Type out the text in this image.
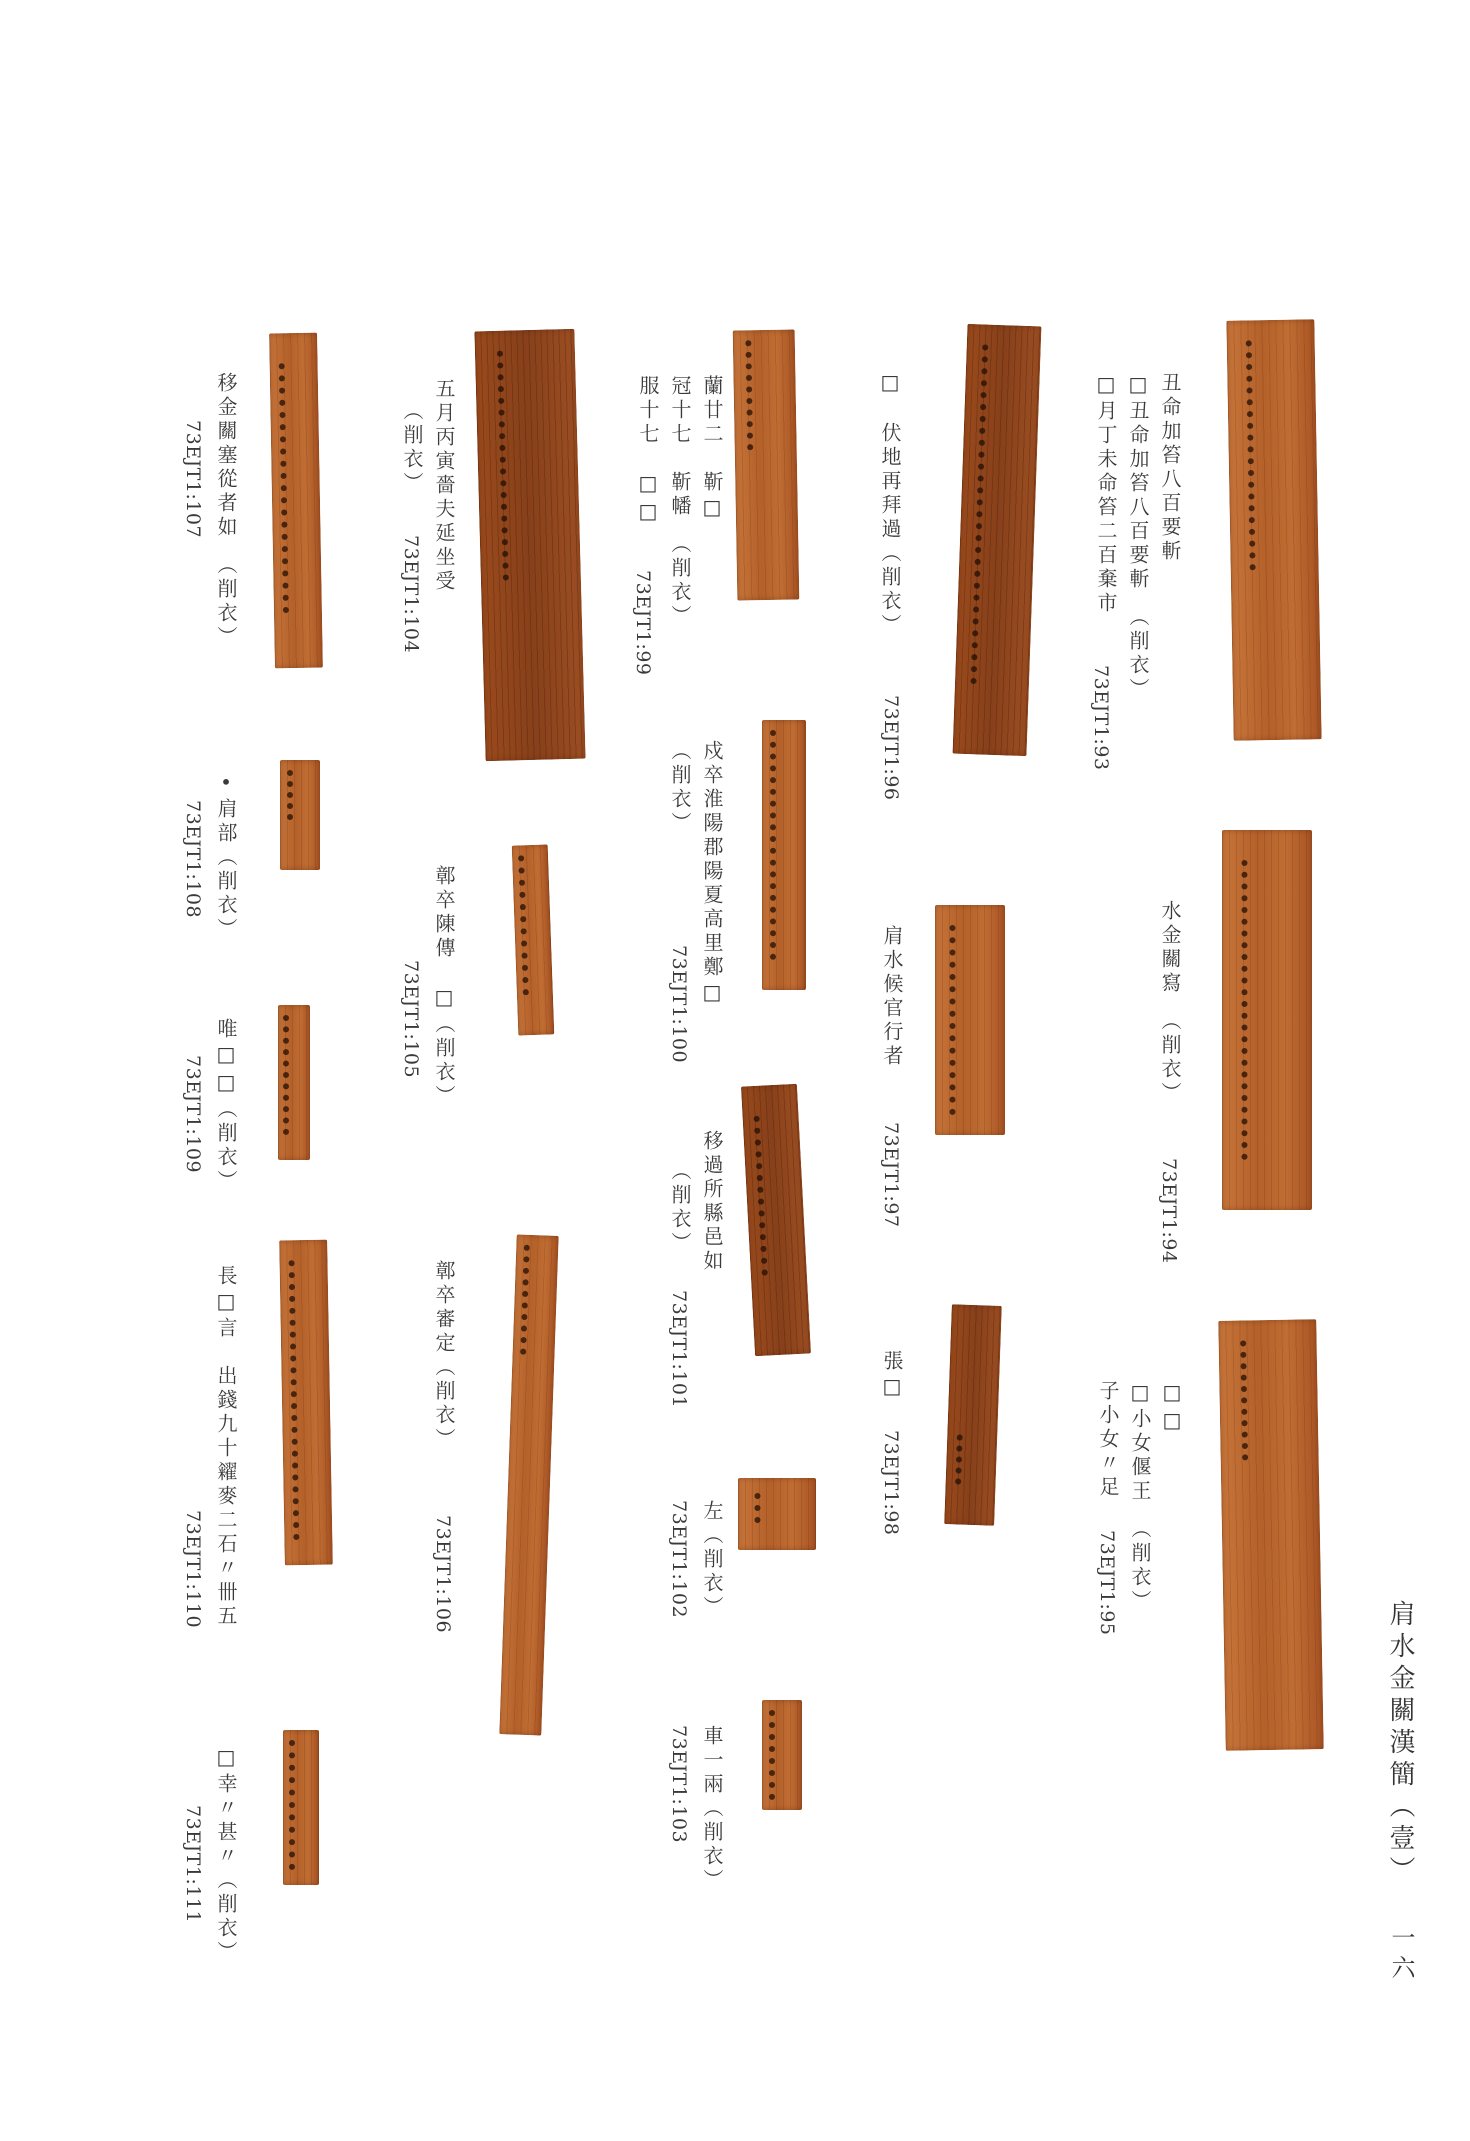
肩水金關漢簡（壹）
一六
丑命加笞八百要斬
□丑命加笞八百要斬　（削衣）
□月丁未命笞二百棄市
73EJT1:93
水金關寫　（削衣）
73EJT1:94
□□
□小女偃王　（削衣）
子小女〃足
73EJT1:95
□　伏地再拜過（削衣）
73EJT1:96
肩水候官行者
73EJT1:97
張□
73EJT1:98
蘭廿二　靳□
冠十七　靳幡　（削衣）
服十七　□□
73EJT1:99
戍卒淮陽郡陽夏高里鄭□
（削衣）
73EJT1:100
移過所縣邑如
（削衣）
73EJT1:101
左（削衣）
73EJT1:102
車一兩（削衣）
73EJT1:103
五月丙寅嗇夫延坐受
（削衣）
73EJT1:104
鄣卒陳傳　□（削衣）
73EJT1:105
鄣卒審定（削衣）
73EJT1:106
移金關塞從者如　（削衣）
73EJT1:107
•肩部（削衣）
73EJT1:108
唯□□（削衣）
73EJT1:109
長□言　出錢九十糴麥二石〃卌五
73EJT1:110
□幸〃甚〃（削衣）
73EJT1:111
